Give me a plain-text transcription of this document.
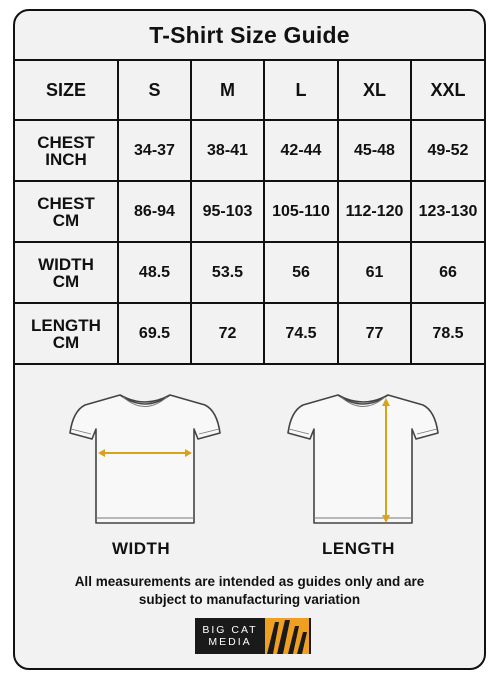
T-Shirt Size Guide
SIZE	S	M	L	XL	XXL
CHEST
INCH	34-37	38-41	42-44	45-48	49-52
CHEST
CM	86-94	95-103	105-110	112-120	123-130
WIDTH
CM	48.5	53.5	56	61	66
LENGTH
CM	69.5	72	74.5	77	78.5
WIDTH	LENGTH
All measurements are intended as guides only and are
subject to manufacturing variation
BIG CAT
MEDIA
